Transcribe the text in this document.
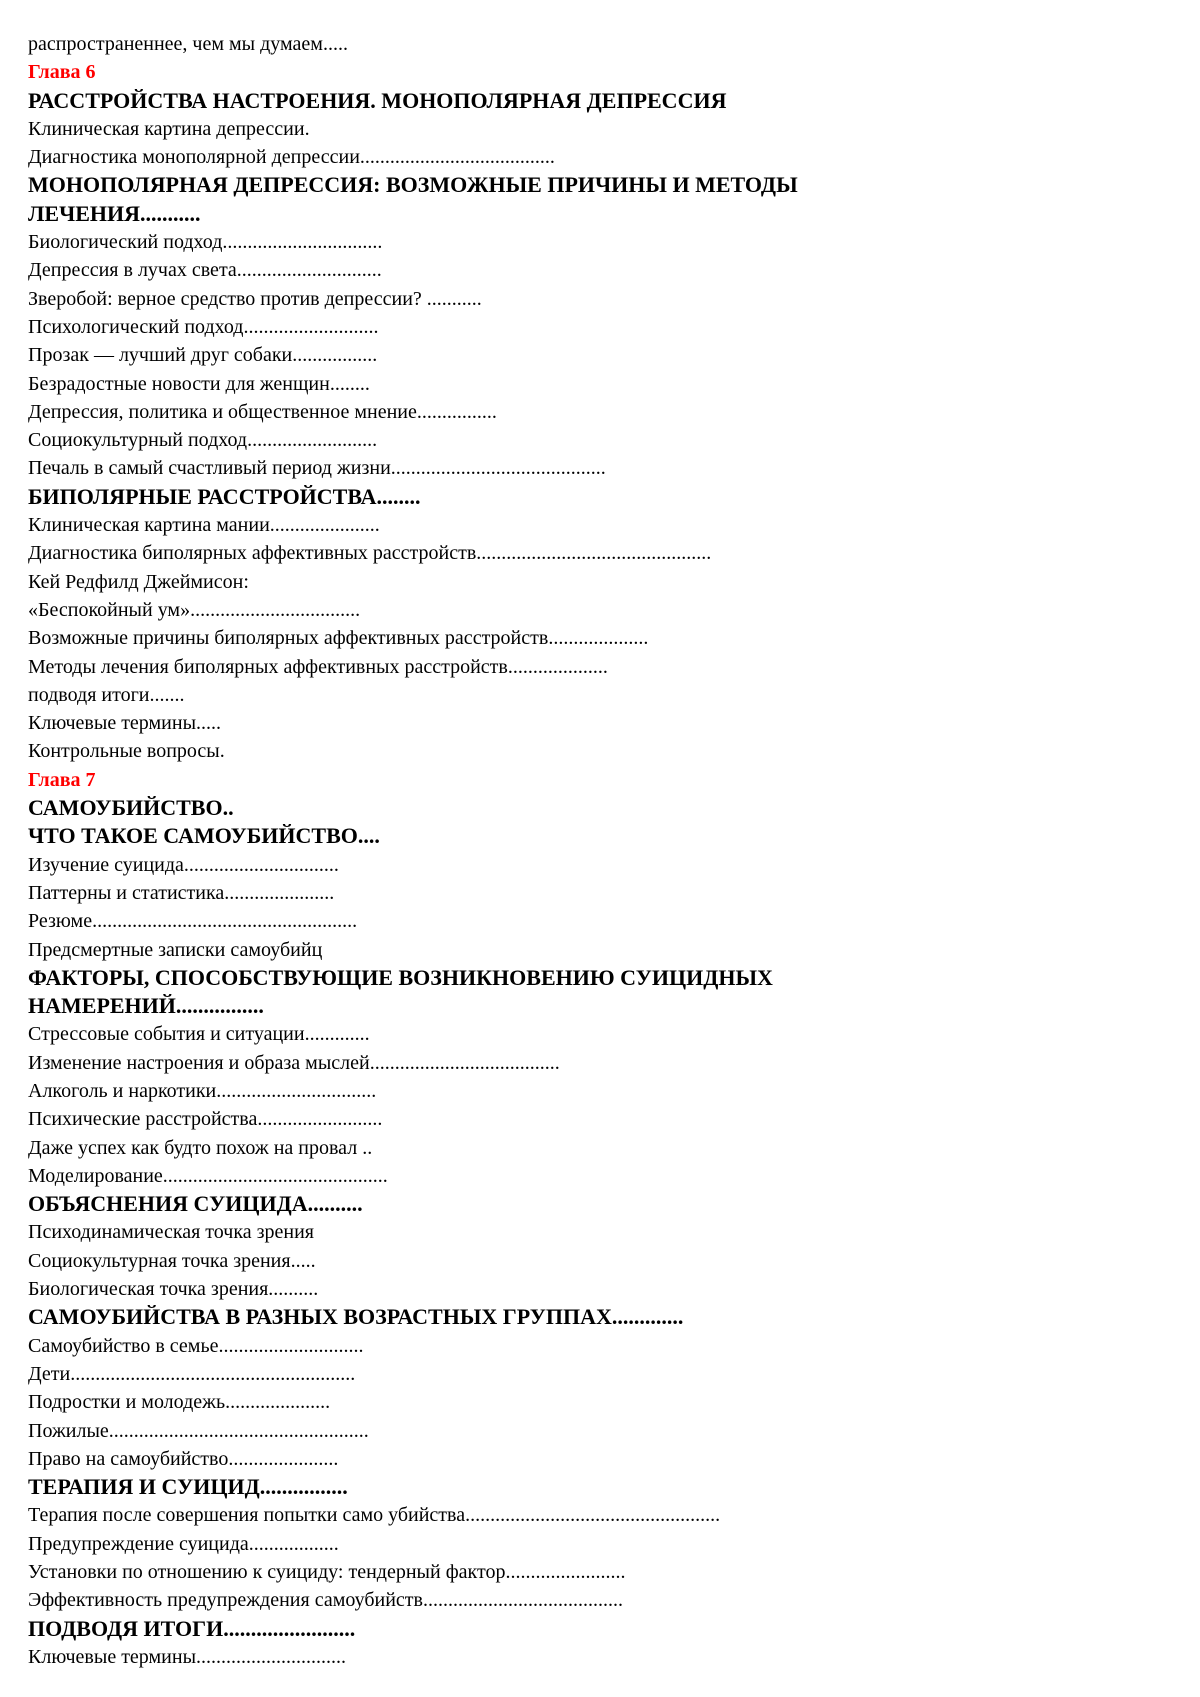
распространеннее, чем мы думаем.....
Глава 6
РАССТРОЙСТВА НАСТРОЕНИЯ. МОНОПОЛЯРНАЯ ДЕПРЕССИЯ
Клиническая картина депрессии.
Диагностика монополярной депрессии.......................................
МОНОПОЛЯРНАЯ ДЕПРЕССИЯ: ВОЗМОЖНЫЕ ПРИЧИНЫ И МЕТОДЫ
ЛЕЧЕНИЯ...........
Биологический подход................................
Депрессия в лучах света.............................
Зверобой: верное средство против депрессии? ...........
Психологический подход...........................
Прозак — лучший друг собаки.................
Безрадостные новости для женщин........
Депрессия, политика и общественное мнение................
Социокультурный подход..........................
Печаль в самый счастливый период жизни...........................................
БИПОЛЯРНЫЕ РАССТРОЙСТВА........
Клиническая картина мании......................
Диагностика биполярных аффективных расстройств...............................................
Кей Редфилд Джеймисон:
«Беспокойный ум»..................................
Возможные причины биполярных аффективных расстройств....................
Методы лечения биполярных аффективных расстройств....................
подводя итоги.......
Ключевые термины.....
Контрольные вопросы.
Глава 7
САМОУБИЙСТВО..
ЧТО ТАКОЕ САМОУБИЙСТВО....
Изучение суицида...............................
Паттерны и статистика......................
Резюме.....................................................
Предсмертные записки самоубийц
ФАКТОРЫ, СПОСОБСТВУЮЩИЕ ВОЗНИКНОВЕНИЮ СУИЦИДНЫХ
НАМЕРЕНИЙ................
Стрессовые события и ситуации.............
Изменение настроения и образа мыслей......................................
Алкоголь и наркотики................................
Психические расстройства.........................
Даже успех как будто похож на провал ..
Моделирование.............................................
ОБЪЯСНЕНИЯ СУИЦИДА..........
Психодинамическая точка зрения
Социокультурная точка зрения.....
Биологическая точка зрения..........
САМОУБИЙСТВА В РАЗНЫХ ВОЗРАСТНЫХ ГРУППАХ.............
Самоубийство в семье.............................
Дети.........................................................
Подростки и молодежь.....................
Пожилые....................................................
Право на самоубийство......................
ТЕРАПИЯ И СУИЦИД................
Терапия после совершения попытки само убийства...................................................
Предупреждение суицида..................
Установки по отношению к суициду: тендерный фактор........................
Эффективность предупреждения самоубийств........................................
ПОДВОДЯ ИТОГИ........................
Ключевые термины..............................
